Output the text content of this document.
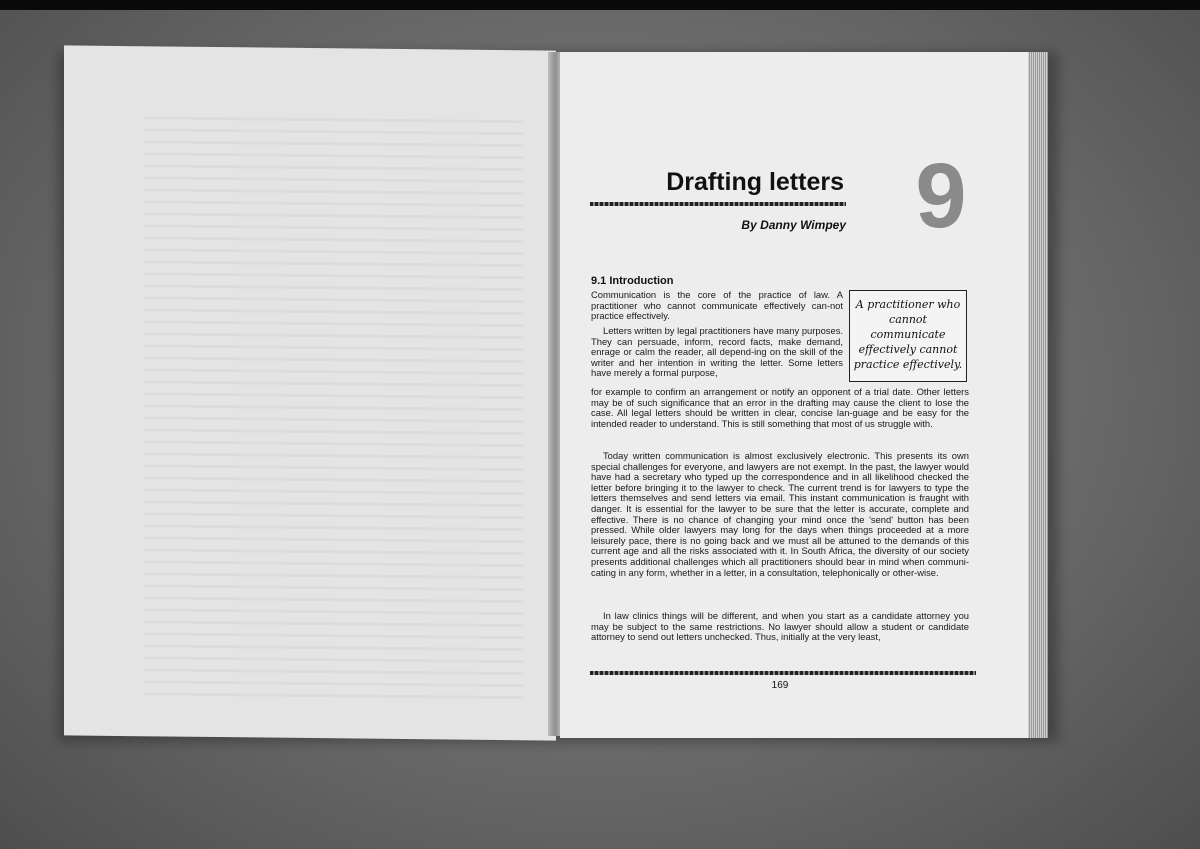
Drafting letters 9
By Danny Wimpey
9.1 Introduction

Communication is the core of the practice of law. A practitioner who cannot communicate effectively can-not practice effectively.

Letters written by legal practitioners have many purposes. They can persuade, inform, record facts, make demand, enrage or calm the reader, all depend-ing on the skill of the writer and her intention in writing the letter. Some letters have merely a formal purpose,

for example to confirm an arrangement or notify an opponent of a trial date. Other letters may be of such significance that an error in the drafting may cause the client to lose the case. All legal letters should be written in clear, concise lan-guage and be easy for the intended reader to understand. This is still something that most of us struggle with.

Today written communication is almost exclusively electronic. This presents its own special challenges for everyone, and lawyers are not exempt. In the past, the lawyer would have had a secretary who typed up the correspondence and in all likelihood checked the letter before bringing it to the lawyer to check. The current trend is for lawyers to type the letters themselves and send letters via email. This instant communication is fraught with danger. It is essential for the lawyer to be sure that the letter is accurate, complete and effective. There is no chance of changing your mind once the 'send' button has been pressed. While older lawyers may long for the days when things proceeded at a more leisurely pace, there is no going back and we must all be attuned to the demands of this current age and all the risks associated with it. In South Africa, the diversity of our society presents additional challenges which all practitioners should bear in mind when communi-cating in any form, whether in a letter, in a consultation, telephonically or other-wise.

In law clinics things will be different, and when you start as a candidate attorney you may be subject to the same restrictions. No lawyer should allow a student or candidate attorney to send out letters unchecked. Thus, initially at the very least,

A practitioner who cannot communicate effectively cannot practice effectively.
169
